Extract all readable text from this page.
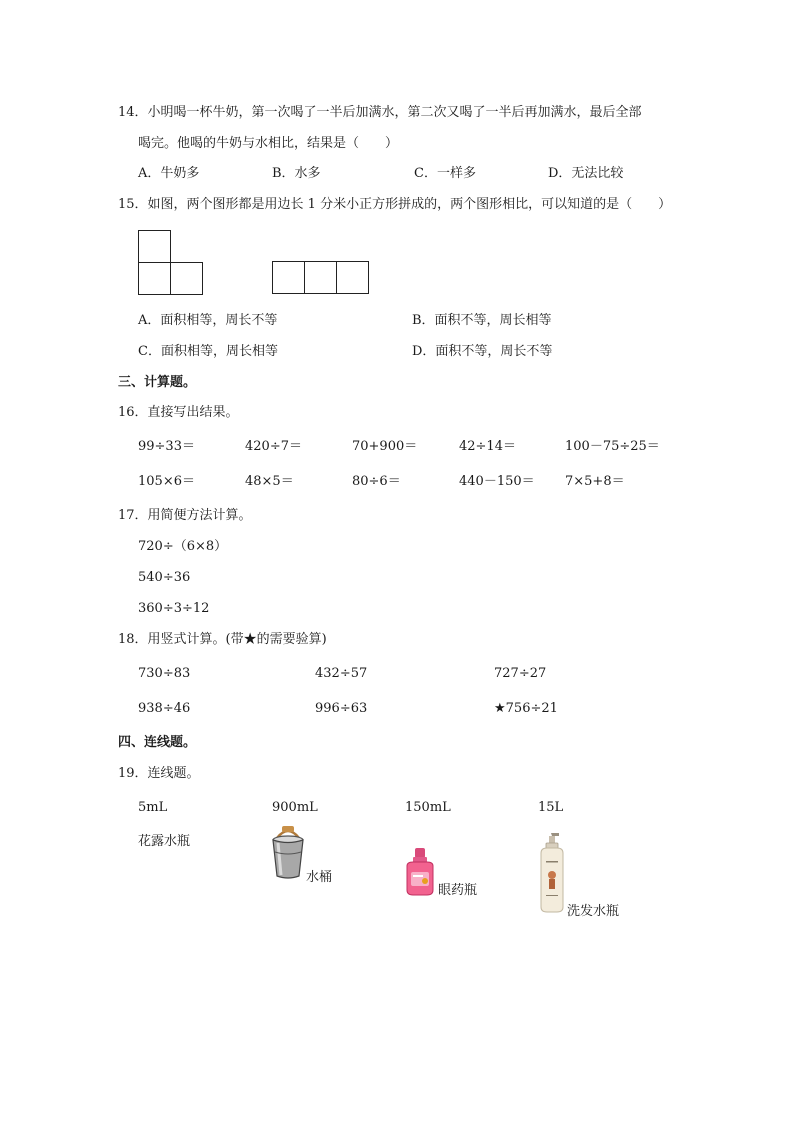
14．小明喝一杯牛奶，第一次喝了一半后加满水，第二次又喝了一半后再加满水，最后全部
喝完。他喝的牛奶与水相比，结果是（　　）
A．牛奶多	B．水多	C．一样多	D．无法比较
15．如图，两个图形都是用边长 1 分米小正方形拼成的，两个图形相比，可以知道的是（　　）
A．面积相等，周长不等	B．面积不等，周长相等
C．面积相等，周长相等	D．面积不等，周长不等
三、计算题。
16．直接写出结果。
99÷33＝	420÷7＝	70+900＝	42÷14＝	100－75÷25＝
105×6＝	48×5＝	80÷6＝	440－150＝ 7×5+8＝
17．用简便方法计算。
720÷（6×8）
540÷36
360÷3÷12
18．用竖式计算。(带★的需要验算)
730÷83	432÷57	727÷27
938÷46	996÷63	★756÷21
四、连线题。
19．连线题。
5mL	900mL	150mL	15L
花露水瓶
水桶
眼药瓶
洗发水瓶
